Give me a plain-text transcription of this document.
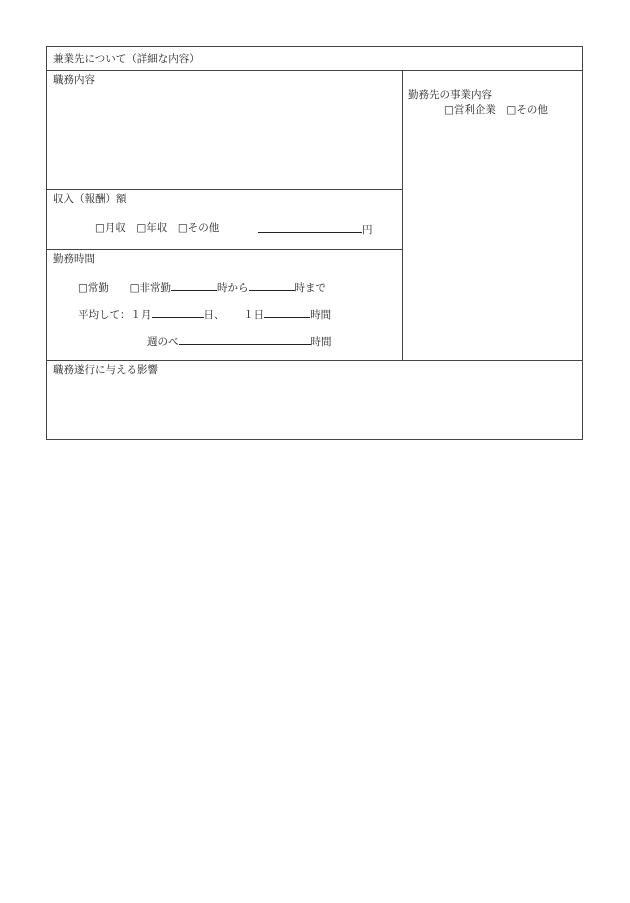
兼業先について（詳細な内容）
職務内容
勤務先の事業内容
□営利企業　□その他
収入（報酬）額
□月収　□年収　□その他	円
勤務時間
□常勤 □非常勤	時から	時まで
平均して：１月	日、 １日	時間
週のべ	時間
職務遂行に与える影響
